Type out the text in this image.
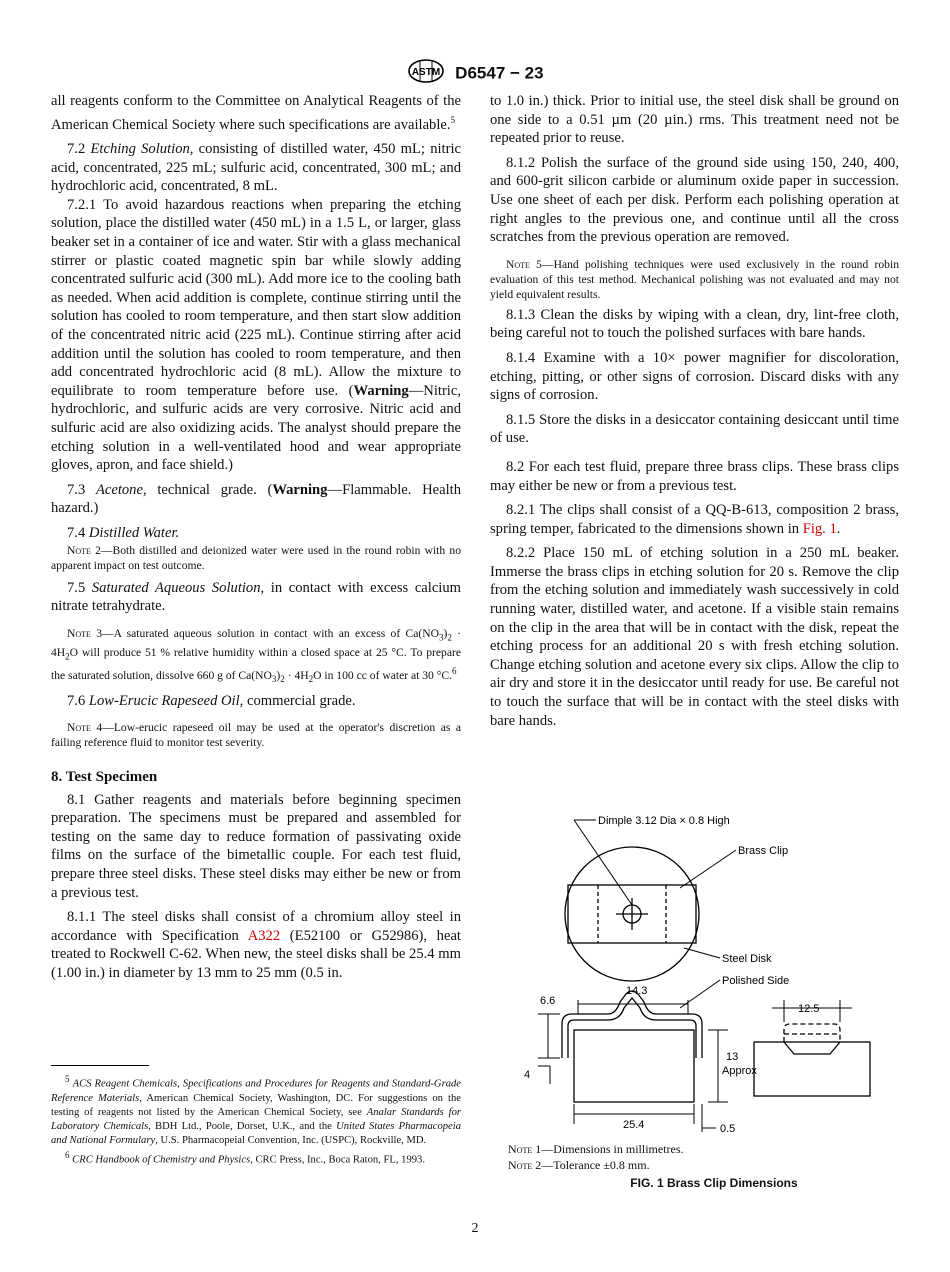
ASTM D6547 − 23

all reagents conform to the Committee on Analytical Reagents of the American Chemical Society where such specifications are available.$^5$

7.2 Etching Solution, consisting of distilled water, 450 mL; nitric acid, concentrated, 225 mL; sulfuric acid, concentrated, 300 mL; and hydrochloric acid, concentrated, 8 mL.

7.2.1 To avoid hazardous reactions when preparing the etching solution, place the distilled water (450 mL) in a 1.5 L, or larger, glass beaker set in a container of ice and water. Stir with a glass mechanical stirrer or plastic coated magnetic spin bar while slowly adding concentrated sulfuric acid (300 mL). Add more ice to the cooling bath as needed. When acid addition is complete, continue stirring until the solution has cooled to room temperature, and then start slow addition of the concentrated nitric acid (225 mL). Continue stirring after acid addition until the solution has cooled to room temperature, and then add concentrated hydrochloric acid (8 mL). Allow the mixture to equilibrate to room temperature before use. (Warning—Nitric, hydrochloric, and sulfuric acids are very corrosive. Nitric acid and sulfuric acid are also oxidizing acids. The analyst should prepare the etching solution in a well-ventilated hood and wear appropriate gloves, apron, and face shield.)

7.3 Acetone, technical grade. (Warning—Flammable. Health hazard.)

7.4 Distilled Water.

Note 2—Both distilled and deionized water were used in the round robin with no apparent impact on test outcome.

7.5 Saturated Aqueous Solution, in contact with excess calcium nitrate tetrahydrate.

Note 3—A saturated aqueous solution in contact with an excess of $Ca(NO_3)_2 \cdot 4H_2O$ will produce 51 % relative humidity within a closed space at 25 °C. To prepare the saturated solution, dissolve 660 g of $Ca(NO_3)_2 \cdot 4H_2O$ in 100 cc of water at 30 °C.$^6$

7.6 Low-Erucic Rapeseed Oil, commercial grade.

Note 4—Low-erucic rapeseed oil may be used at the operator's discretion as a failing reference fluid to monitor test severity.

8. Test Specimen

8.1 Gather reagents and materials before beginning specimen preparation. The specimens must be prepared and assembled for testing on the same day to reduce formation of passivating oxide films on the surface of the bimetallic couple. For each test fluid, prepare three steel disks. These steel disks may either be new or from a previous test.

8.1.1 The steel disks shall consist of a chromium alloy steel in accordance with Specification A322 (E52100 or G52986), heat treated to Rockwell C-62. When new, the steel disks shall be 25.4 mm (1.00 in.) in diameter by 13 mm to 25 mm (0.5 in.

to 1.0 in.) thick. Prior to initial use, the steel disk shall be ground on one side to a 0.51 µm (20 µin.) rms. This treatment need not be repeated prior to reuse.

8.1.2 Polish the surface of the ground side using 150, 240, 400, and 600-grit silicon carbide or aluminum oxide paper in succession. Use one sheet of each per disk. Perform each polishing operation at right angles to the previous one, and continue until all the cross scratches from the previous operation are removed.

Note 5—Hand polishing techniques were used exclusively in the round robin evaluation of this test method. Mechanical polishing was not evaluated and may not yield equivalent results.

8.1.3 Clean the disks by wiping with a clean, dry, lint-free cloth, being careful not to touch the polished surfaces with bare hands.

8.1.4 Examine with a 10× power magnifier for discoloration, etching, pitting, or other signs of corrosion. Discard disks with any signs of corrosion.

8.1.5 Store the disks in a desiccator containing desiccant until time of use.

8.2 For each test fluid, prepare three brass clips. These brass clips may either be new or from a previous test.

8.2.1 The clips shall consist of a QQ-B-613, composition 2 brass, spring temper, fabricated to the dimensions shown in Fig. 1.

8.2.2 Place 150 mL of etching solution in a 250 mL beaker. Immerse the brass clips in etching solution for 20 s. Remove the clip from the etching solution and immediately wash successively in cold running water, distilled water, and acetone. If a visible stain remains on the clip in the area that will be in contact with the disk, repeat the etching process for an additional 20 s with fresh etching solution. Change etching solution and acetone every six clips. Allow the clip to air dry and store it in the desiccator until ready for use. Be careful not to touch the surface that will be in contact with the steel disks with bare hands.

Dimple 3.12 Dia × 0.8 High
Brass Clip
Steel Disk
Polished Side
6.6
14.3
13
Approx
4
25.4	0.5
12.5
Note 1—Dimensions in millimetres.
Note 2—Tolerance ±0.8 mm.
FIG. 1 Brass Clip Dimensions

$^5$ ACS Reagent Chemicals, Specifications and Procedures for Reagents and Standard-Grade Reference Materials, American Chemical Society, Washington, DC. For suggestions on the testing of reagents not listed by the American Chemical Society, see Analar Standards for Laboratory Chemicals, BDH Ltd., Poole, Dorset, U.K., and the United States Pharmacopeia and National Formulary, U.S. Pharmacopeial Convention, Inc. (USPC), Rockville, MD.

$^6$ CRC Handbook of Chemistry and Physics, CRC Press, Inc., Boca Raton, FL, 1993.

2
